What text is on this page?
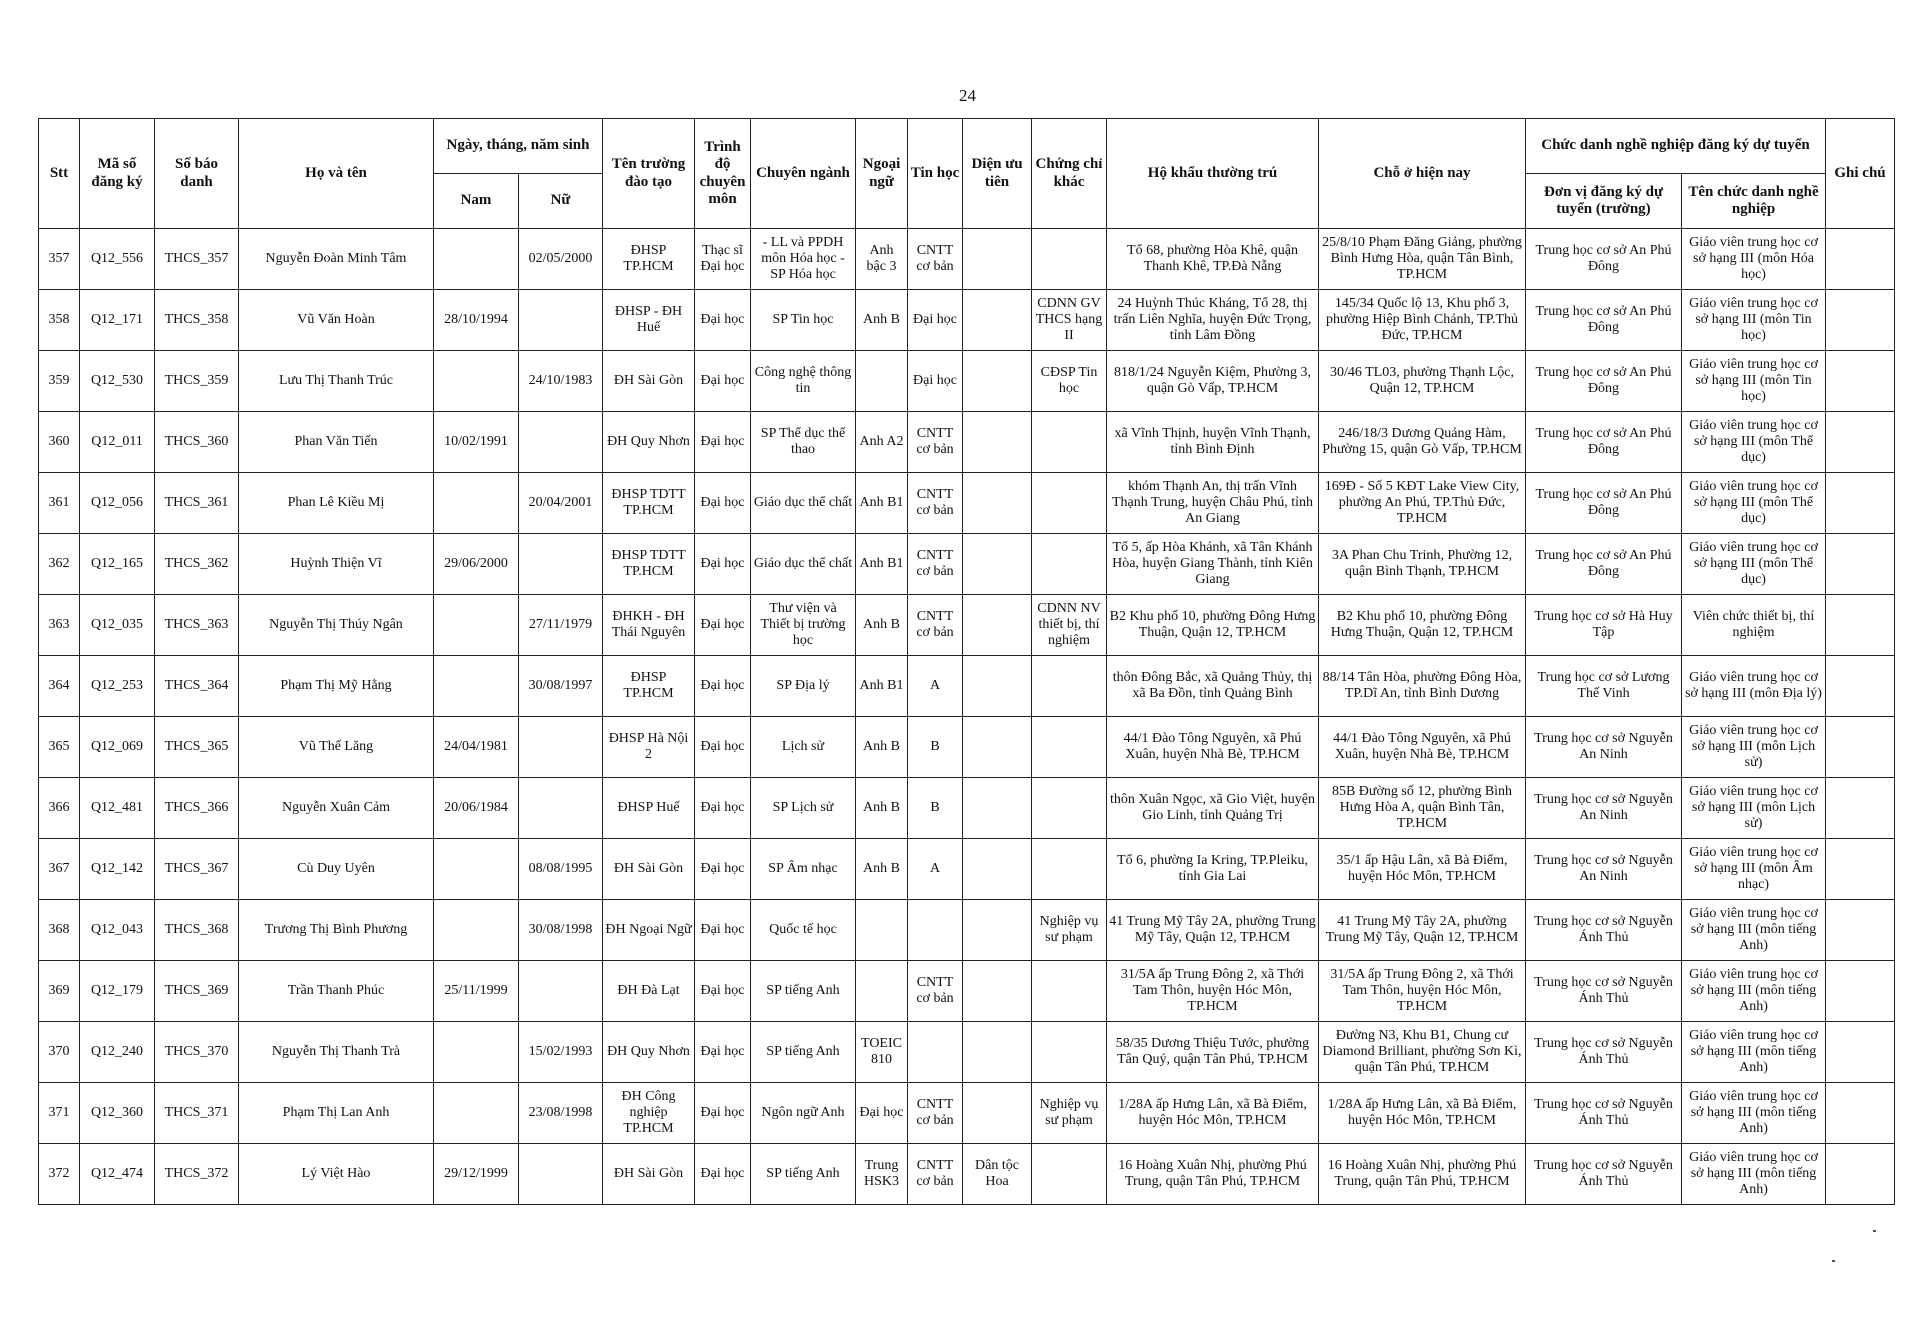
24
Stt	Mã số đăng ký	Số báo danh	Họ và tên	Ngày, tháng, năm sinh		Tên trường đào tạo	Trình độ chuyên môn	Chuyên ngành	Ngoại ngữ	Tin học	Diện ưu tiên	Chứng chỉ khác	Hộ khẩu thường trú	Chỗ ở hiện nay	Chức danh nghề nghiệp đăng ký dự tuyển		Ghi chú
				Nam	Nữ										Đơn vị đăng ký dự tuyển (trường)	Tên chức danh nghề nghiệp	
357	Q12_556	THCS_357	Nguyễn Đoàn Minh Tâm		02/05/2000	ĐHSP TP.HCM	Thạc sĩ Đại học	- LL và PPDH môn Hóa học - SP Hóa học	Anh bậc 3	CNTT cơ bản			Tổ 68, phường Hòa Khê, quận Thanh Khê, TP.Đà Nẵng	25/8/10 Phạm Đăng Giảng, phường Bình Hưng Hòa, quận Tân Bình, TP.HCM	Trung học cơ sở An Phú Đông	Giáo viên trung học cơ sở hạng III (môn Hóa học)	
358	Q12_171	THCS_358	Vũ Văn Hoàn	28/10/1994		ĐHSP - ĐH Huế	Đại học	SP Tin học	Anh B	Đại học		CDNN GV THCS hạng II	24 Huỳnh Thúc Kháng, Tổ 28, thị trấn Liên Nghĩa, huyện Đức Trọng, tỉnh Lâm Đồng	145/34 Quốc lộ 13, Khu phố 3, phường Hiệp Bình Chánh, TP.Thủ Đức, TP.HCM	Trung học cơ sở An Phú Đông	Giáo viên trung học cơ sở hạng III (môn Tin học)	
359	Q12_530	THCS_359	Lưu Thị Thanh Trúc		24/10/1983	ĐH Sài Gòn	Đại học	Công nghệ thông tin		Đại học		CĐSP Tin học	818/1/24 Nguyễn Kiệm, Phường 3, quận Gò Vấp, TP.HCM	30/46 TL03, phường Thạnh Lộc, Quận 12, TP.HCM	Trung học cơ sở An Phú Đông	Giáo viên trung học cơ sở hạng III (môn Tin học)	
360	Q12_011	THCS_360	Phan Văn Tiến	10/02/1991		ĐH Quy Nhơn	Đại học	SP Thể dục thể thao	Anh A2	CNTT cơ bản			xã Vĩnh Thịnh, huyện Vĩnh Thạnh, tỉnh Bình Định	246/18/3 Dương Quảng Hàm, Phường 15, quận Gò Vấp, TP.HCM	Trung học cơ sở An Phú Đông	Giáo viên trung học cơ sở hạng III (môn Thể dục)	
361	Q12_056	THCS_361	Phan Lê Kiều Mị		20/04/2001	ĐHSP TDTT TP.HCM	Đại học	Giáo dục thể chất	Anh B1	CNTT cơ bản			khóm Thạnh An, thị trấn Vĩnh Thạnh Trung, huyện Châu Phú, tỉnh An Giang	169Đ - Số 5 KĐT Lake View City, phường An Phú, TP.Thủ Đức, TP.HCM	Trung học cơ sở An Phú Đông	Giáo viên trung học cơ sở hạng III (môn Thể dục)	
362	Q12_165	THCS_362	Huỳnh Thiện Vĩ	29/06/2000		ĐHSP TDTT TP.HCM	Đại học	Giáo dục thể chất	Anh B1	CNTT cơ bản			Tổ 5, ấp Hòa Khánh, xã Tân Khánh Hòa, huyện Giang Thành, tỉnh Kiên Giang	3A Phan Chu Trinh, Phường 12, quận Bình Thạnh, TP.HCM	Trung học cơ sở An Phú Đông	Giáo viên trung học cơ sở hạng III (môn Thể dục)	
363	Q12_035	THCS_363	Nguyễn Thị Thúy Ngân		27/11/1979	ĐHKH - ĐH Thái Nguyên	Đại học	Thư viện và Thiết bị trường học	Anh B	CNTT cơ bản		CDNN NV thiết bị, thí nghiệm	B2 Khu phố 10, phường Đông Hưng Thuận, Quận 12, TP.HCM	B2 Khu phố 10, phường Đông Hưng Thuận, Quận 12, TP.HCM	Trung học cơ sở Hà Huy Tập	Viên chức thiết bị, thí nghiệm	
364	Q12_253	THCS_364	Phạm Thị Mỹ Hằng		30/08/1997	ĐHSP TP.HCM	Đại học	SP Địa lý	Anh B1	A			thôn Đông Bắc, xã Quảng Thủy, thị xã Ba Đồn, tỉnh Quảng Bình	88/14 Tân Hòa, phường Đông Hòa, TP.Dĩ An, tỉnh Bình Dương	Trung học cơ sở Lương Thế Vinh	Giáo viên trung học cơ sở hạng III (môn Địa lý)	
365	Q12_069	THCS_365	Vũ Thế Lăng	24/04/1981		ĐHSP Hà Nội 2	Đại học	Lịch sử	Anh B	B			44/1 Đào Tông Nguyên, xã Phú Xuân, huyện Nhà Bè, TP.HCM	44/1 Đào Tông Nguyên, xã Phú Xuân, huyện Nhà Bè, TP.HCM	Trung học cơ sở Nguyễn An Ninh	Giáo viên trung học cơ sở hạng III (môn Lịch sử)	
366	Q12_481	THCS_366	Nguyễn Xuân Cảm	20/06/1984		ĐHSP Huế	Đại học	SP Lịch sử	Anh B	B			thôn Xuân Ngọc, xã Gio Việt, huyện Gio Linh, tỉnh Quảng Trị	85B Đường số 12, phường Bình Hưng Hòa A, quận Bình Tân, TP.HCM	Trung học cơ sở Nguyễn An Ninh	Giáo viên trung học cơ sở hạng III (môn Lịch sử)	
367	Q12_142	THCS_367	Cù Duy Uyên		08/08/1995	ĐH Sài Gòn	Đại học	SP Âm nhạc	Anh B	A			Tổ 6, phường Ia Kring, TP.Pleiku, tỉnh Gia Lai	35/1 ấp Hậu Lân, xã Bà Điểm, huyện Hóc Môn, TP.HCM	Trung học cơ sở Nguyễn An Ninh	Giáo viên trung học cơ sở hạng III (môn Âm nhạc)	
368	Q12_043	THCS_368	Trương Thị Bình Phương		30/08/1998	ĐH Ngoại Ngữ	Đại học	Quốc tế học				Nghiệp vụ sư phạm	41 Trung Mỹ Tây 2A, phường Trung Mỹ Tây, Quận 12, TP.HCM	41 Trung Mỹ Tây 2A, phường Trung Mỹ Tây, Quận 12, TP.HCM	Trung học cơ sở Nguyễn Ánh Thủ	Giáo viên trung học cơ sở hạng III (môn tiếng Anh)	
369	Q12_179	THCS_369	Trần Thanh Phúc	25/11/1999		ĐH Đà Lạt	Đại học	SP tiếng Anh		CNTT cơ bản			31/5A ấp Trung Đông 2, xã Thới Tam Thôn, huyện Hóc Môn, TP.HCM	31/5A ấp Trung Đông 2, xã Thới Tam Thôn, huyện Hóc Môn, TP.HCM	Trung học cơ sở Nguyễn Ánh Thủ	Giáo viên trung học cơ sở hạng III (môn tiếng Anh)	
370	Q12_240	THCS_370	Nguyễn Thị Thanh Trà		15/02/1993	ĐH Quy Nhơn	Đại học	SP tiếng Anh	TOEIC 810				58/35 Dương Thiệu Tước, phường Tân Quý, quận Tân Phú, TP.HCM	Đường N3, Khu B1, Chung cư Diamond Brilliant, phường Sơn Kì, quận Tân Phú, TP.HCM	Trung học cơ sở Nguyễn Ánh Thủ	Giáo viên trung học cơ sở hạng III (môn tiếng Anh)	
371	Q12_360	THCS_371	Phạm Thị Lan Anh		23/08/1998	ĐH Công nghiệp TP.HCM	Đại học	Ngôn ngữ Anh	Đại học	CNTT cơ bản		Nghiệp vụ sư phạm	1/28A ấp Hưng Lân, xã Bà Điểm, huyện Hóc Môn, TP.HCM	1/28A ấp Hưng Lân, xã Bà Điểm, huyện Hóc Môn, TP.HCM	Trung học cơ sở Nguyễn Ánh Thủ	Giáo viên trung học cơ sở hạng III (môn tiếng Anh)	
372	Q12_474	THCS_372	Lý Việt Hào	29/12/1999		ĐH Sài Gòn	Đại học	SP tiếng Anh	Trung HSK3	CNTT cơ bản	Dân tộc Hoa		16 Hoàng Xuân Nhị, phường Phú Trung, quận Tân Phú, TP.HCM	16 Hoàng Xuân Nhị, phường Phú Trung, quận Tân Phú, TP.HCM	Trung học cơ sở Nguyễn Ánh Thủ	Giáo viên trung học cơ sở hạng III (môn tiếng Anh)	
